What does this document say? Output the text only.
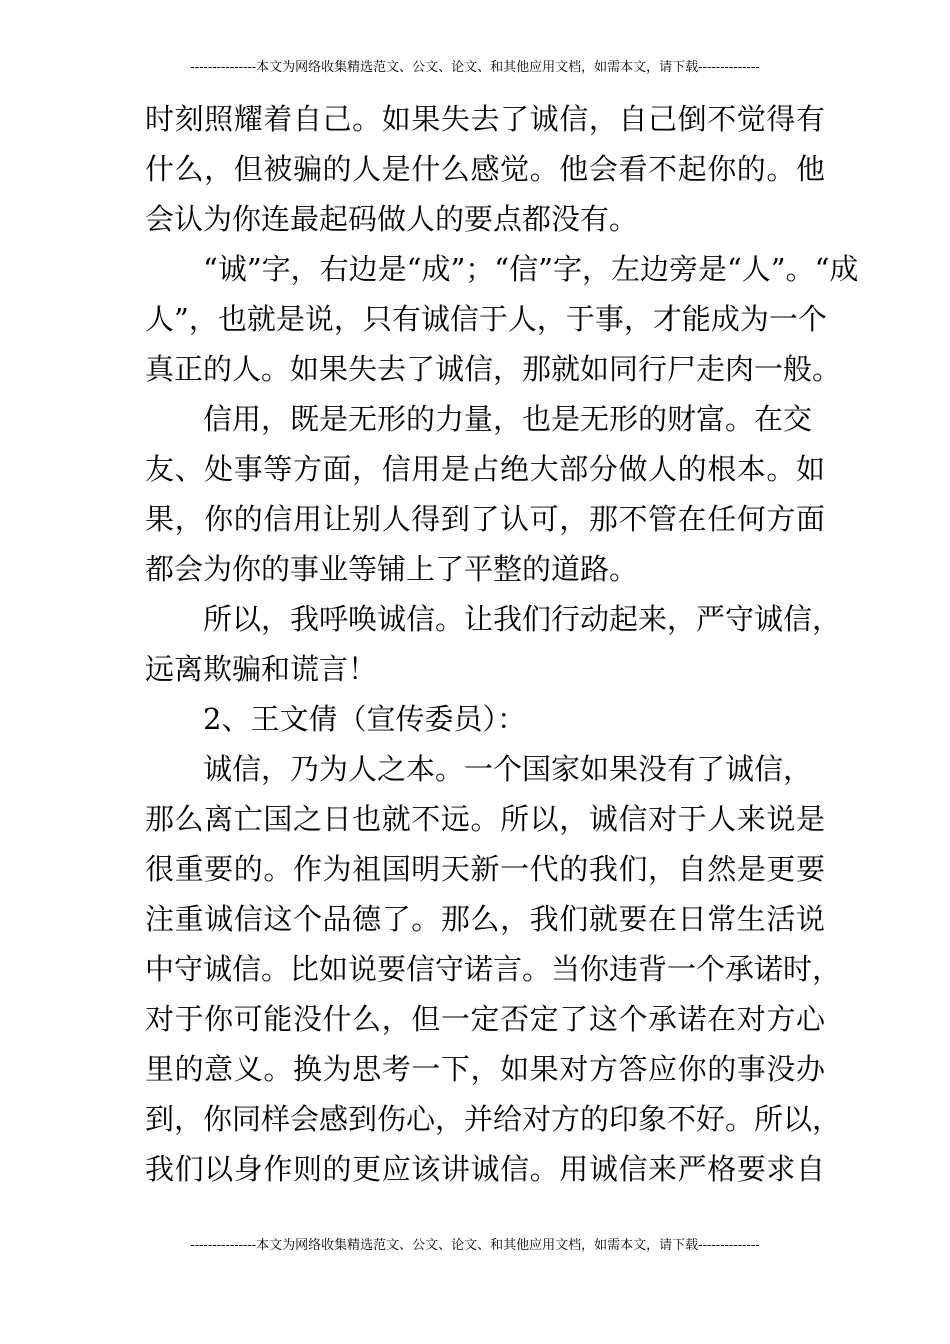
---------------本文为网络收集精选范文、公文、论文、和其他应用文档，如需本文，请下载--------------
时刻照耀着自己。如果失去了诚信，自己倒不觉得有
什么，但被骗的人是什么感觉。他会看不起你的。他
会认为你连最起码做人的要点都没有。
“诚”字，右边是“成”；“信”字，左边旁是“人”。“成
人”，也就是说，只有诚信于人，于事，才能成为一个
真正的人。如果失去了诚信，那就如同行尸走肉一般。
信用，既是无形的力量，也是无形的财富。在交
友、处事等方面，信用是占绝大部分做人的根本。如
果，你的信用让别人得到了认可，那不管在任何方面
都会为你的事业等铺上了平整的道路。
所以，我呼唤诚信。让我们行动起来，严守诚信，
远离欺骗和谎言！
2、王文倩（宣传委员）：
诚信，乃为人之本。一个国家如果没有了诚信，
那么离亡国之日也就不远。所以，诚信对于人来说是
很重要的。作为祖国明天新一代的我们，自然是更要
注重诚信这个品德了。那么，我们就要在日常生活说
中守诚信。比如说要信守诺言。当你违背一个承诺时，
对于你可能没什么，但一定否定了这个承诺在对方心
里的意义。换为思考一下，如果对方答应你的事没办
到，你同样会感到伤心，并给对方的印象不好。所以，
我们以身作则的更应该讲诚信。用诚信来严格要求自
---------------本文为网络收集精选范文、公文、论文、和其他应用文档，如需本文，请下载--------------
